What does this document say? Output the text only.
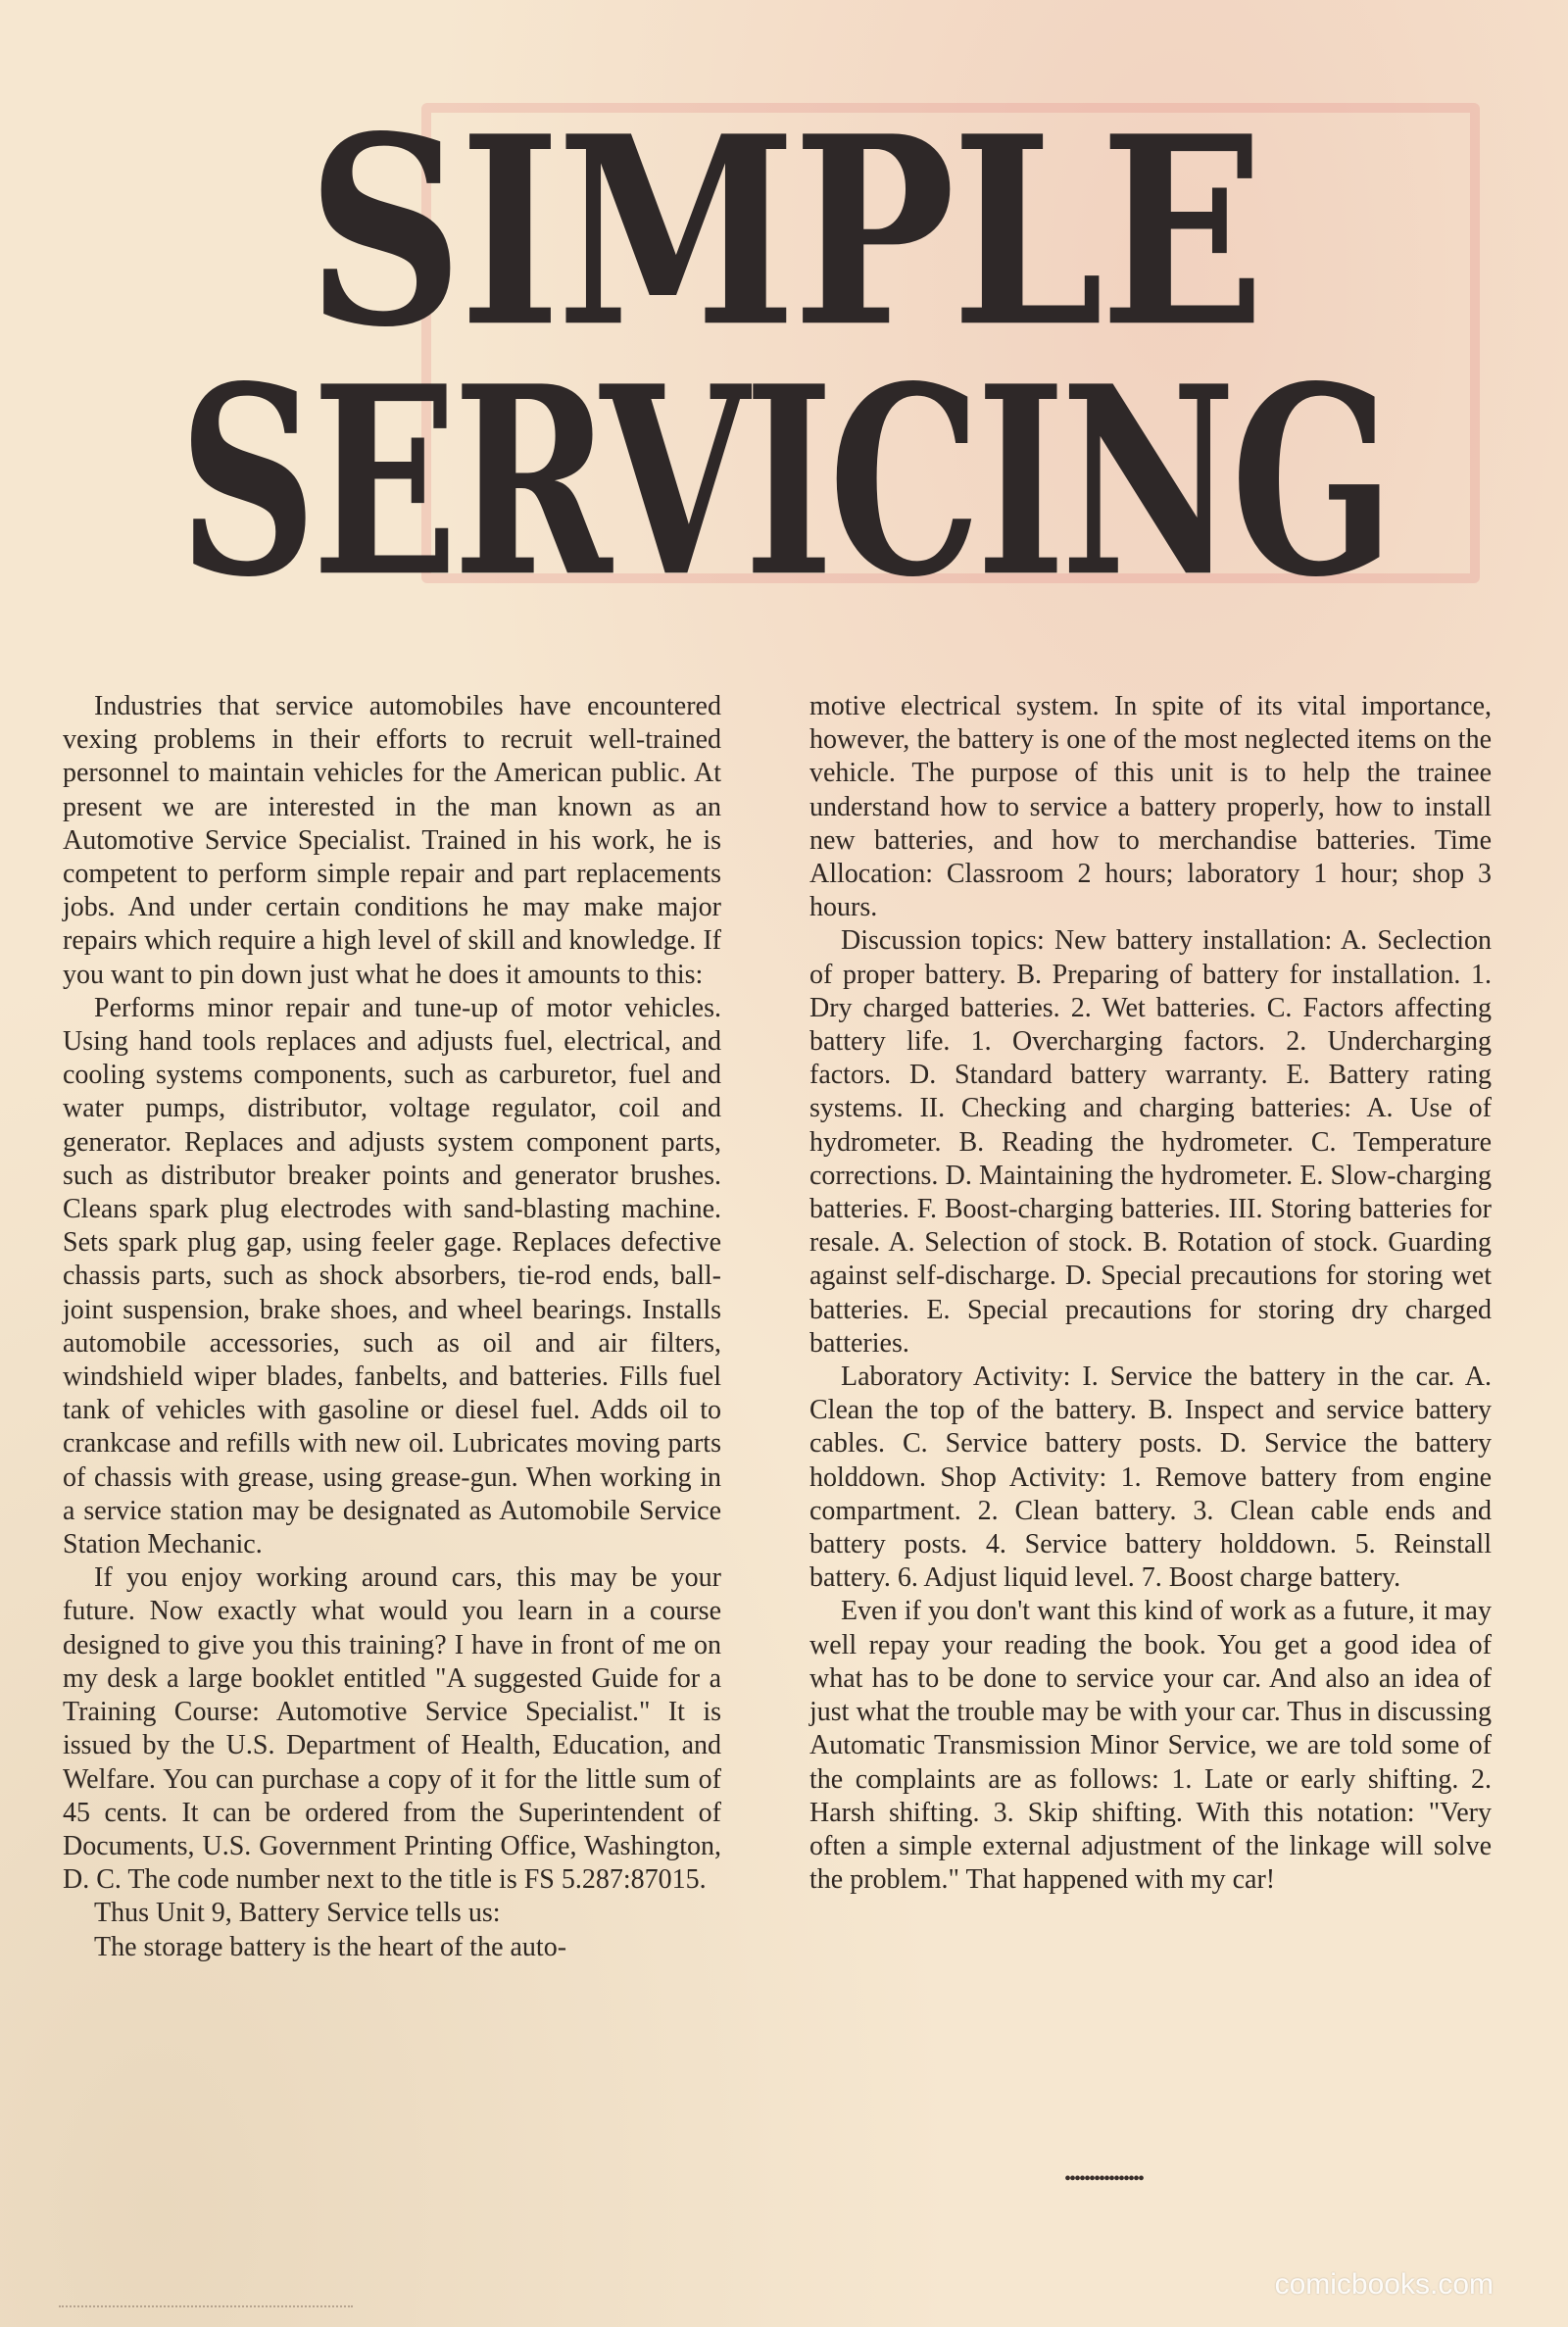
SIMPLE
SERVICING

Industries that service automobiles have encountered vexing problems in their efforts to recruit well-trained personnel to maintain vehicles for the American public. At present we are interested in the man known as an Automotive Service Specialist. Trained in his work, he is competent to perform simple repair and part replacements jobs. And under certain conditions he may make major repairs which require a high level of skill and knowledge. If you want to pin down just what he does it amounts to this:

Performs minor repair and tune-up of motor vehicles. Using hand tools replaces and adjusts fuel, electrical, and cooling systems components, such as carburetor, fuel and water pumps, distributor, voltage regulator, coil and generator. Replaces and adjusts system component parts, such as distributor breaker points and generator brushes. Cleans spark plug electrodes with sand-blasting machine. Sets spark plug gap, using feeler gage. Replaces defective chassis parts, such as shock absorbers, tie-rod ends, ball-joint suspension, brake shoes, and wheel bearings. Installs automobile accessories, such as oil and air filters, windshield wiper blades, fanbelts, and batteries. Fills fuel tank of vehicles with gasoline or diesel fuel. Adds oil to crankcase and refills with new oil. Lubricates moving parts of chassis with grease, using grease-gun. When working in a service station may be designated as Automobile Service Station Mechanic.

If you enjoy working around cars, this may be your future. Now exactly what would you learn in a course designed to give you this training? I have in front of me on my desk a large booklet entitled "A suggested Guide for a Training Course: Automotive Service Specialist." It is issued by the U.S. Department of Health, Education, and Welfare. You can purchase a copy of it for the little sum of 45 cents. It can be ordered from the Superintendent of Documents, U.S. Government Printing Office, Washington, D. C. The code number next to the title is FS 5.287:87015.

Thus Unit 9, Battery Service tells us:

The storage battery is the heart of the auto-

motive electrical system. In spite of its vital importance, however, the battery is one of the most neglected items on the vehicle. The purpose of this unit is to help the trainee understand how to service a battery properly, how to install new batteries, and how to merchandise batteries. Time Allocation: Classroom 2 hours; laboratory 1 hour; shop 3 hours.

Discussion topics: New battery installation: A. Seclection of proper battery. B. Preparing of battery for installation. 1. Dry charged batteries. 2. Wet batteries. C. Factors affecting battery life. 1. Overcharging factors. 2. Undercharging factors. D. Standard battery warranty. E. Battery rating systems. II. Checking and charging batteries: A. Use of hydrometer. B. Reading the hydrometer. C. Temperature corrections. D. Maintaining the hydrometer. E. Slow-charging batteries. F. Boost-charging batteries. III. Storing batteries for resale. A. Selection of stock. B. Rotation of stock. Guarding against self-discharge. D. Special precautions for storing wet batteries. E. Special precautions for storing dry charged batteries.

Laboratory Activity: I. Service the battery in the car. A. Clean the top of the battery. B. Inspect and service battery cables. C. Service battery posts. D. Service the battery holddown. Shop Activity: 1. Remove battery from engine compartment. 2. Clean battery. 3. Clean cable ends and battery posts. 4. Service battery holddown. 5. Reinstall battery. 6. Adjust liquid level. 7. Boost charge battery.

Even if you don't want this kind of work as a future, it may well repay your reading the book. You get a good idea of what has to be done to service your car. And also an idea of just what the trouble may be with your car. Thus in discussing Automatic Transmission Minor Service, we are told some of the complaints are as follows: 1. Late or early shifting. 2. Harsh shifting. 3. Skip shifting. With this notation: "Very often a simple external adjustment of the linkage will solve the problem." That happened with my car!

••••••••••••••••
comicbooks.com
